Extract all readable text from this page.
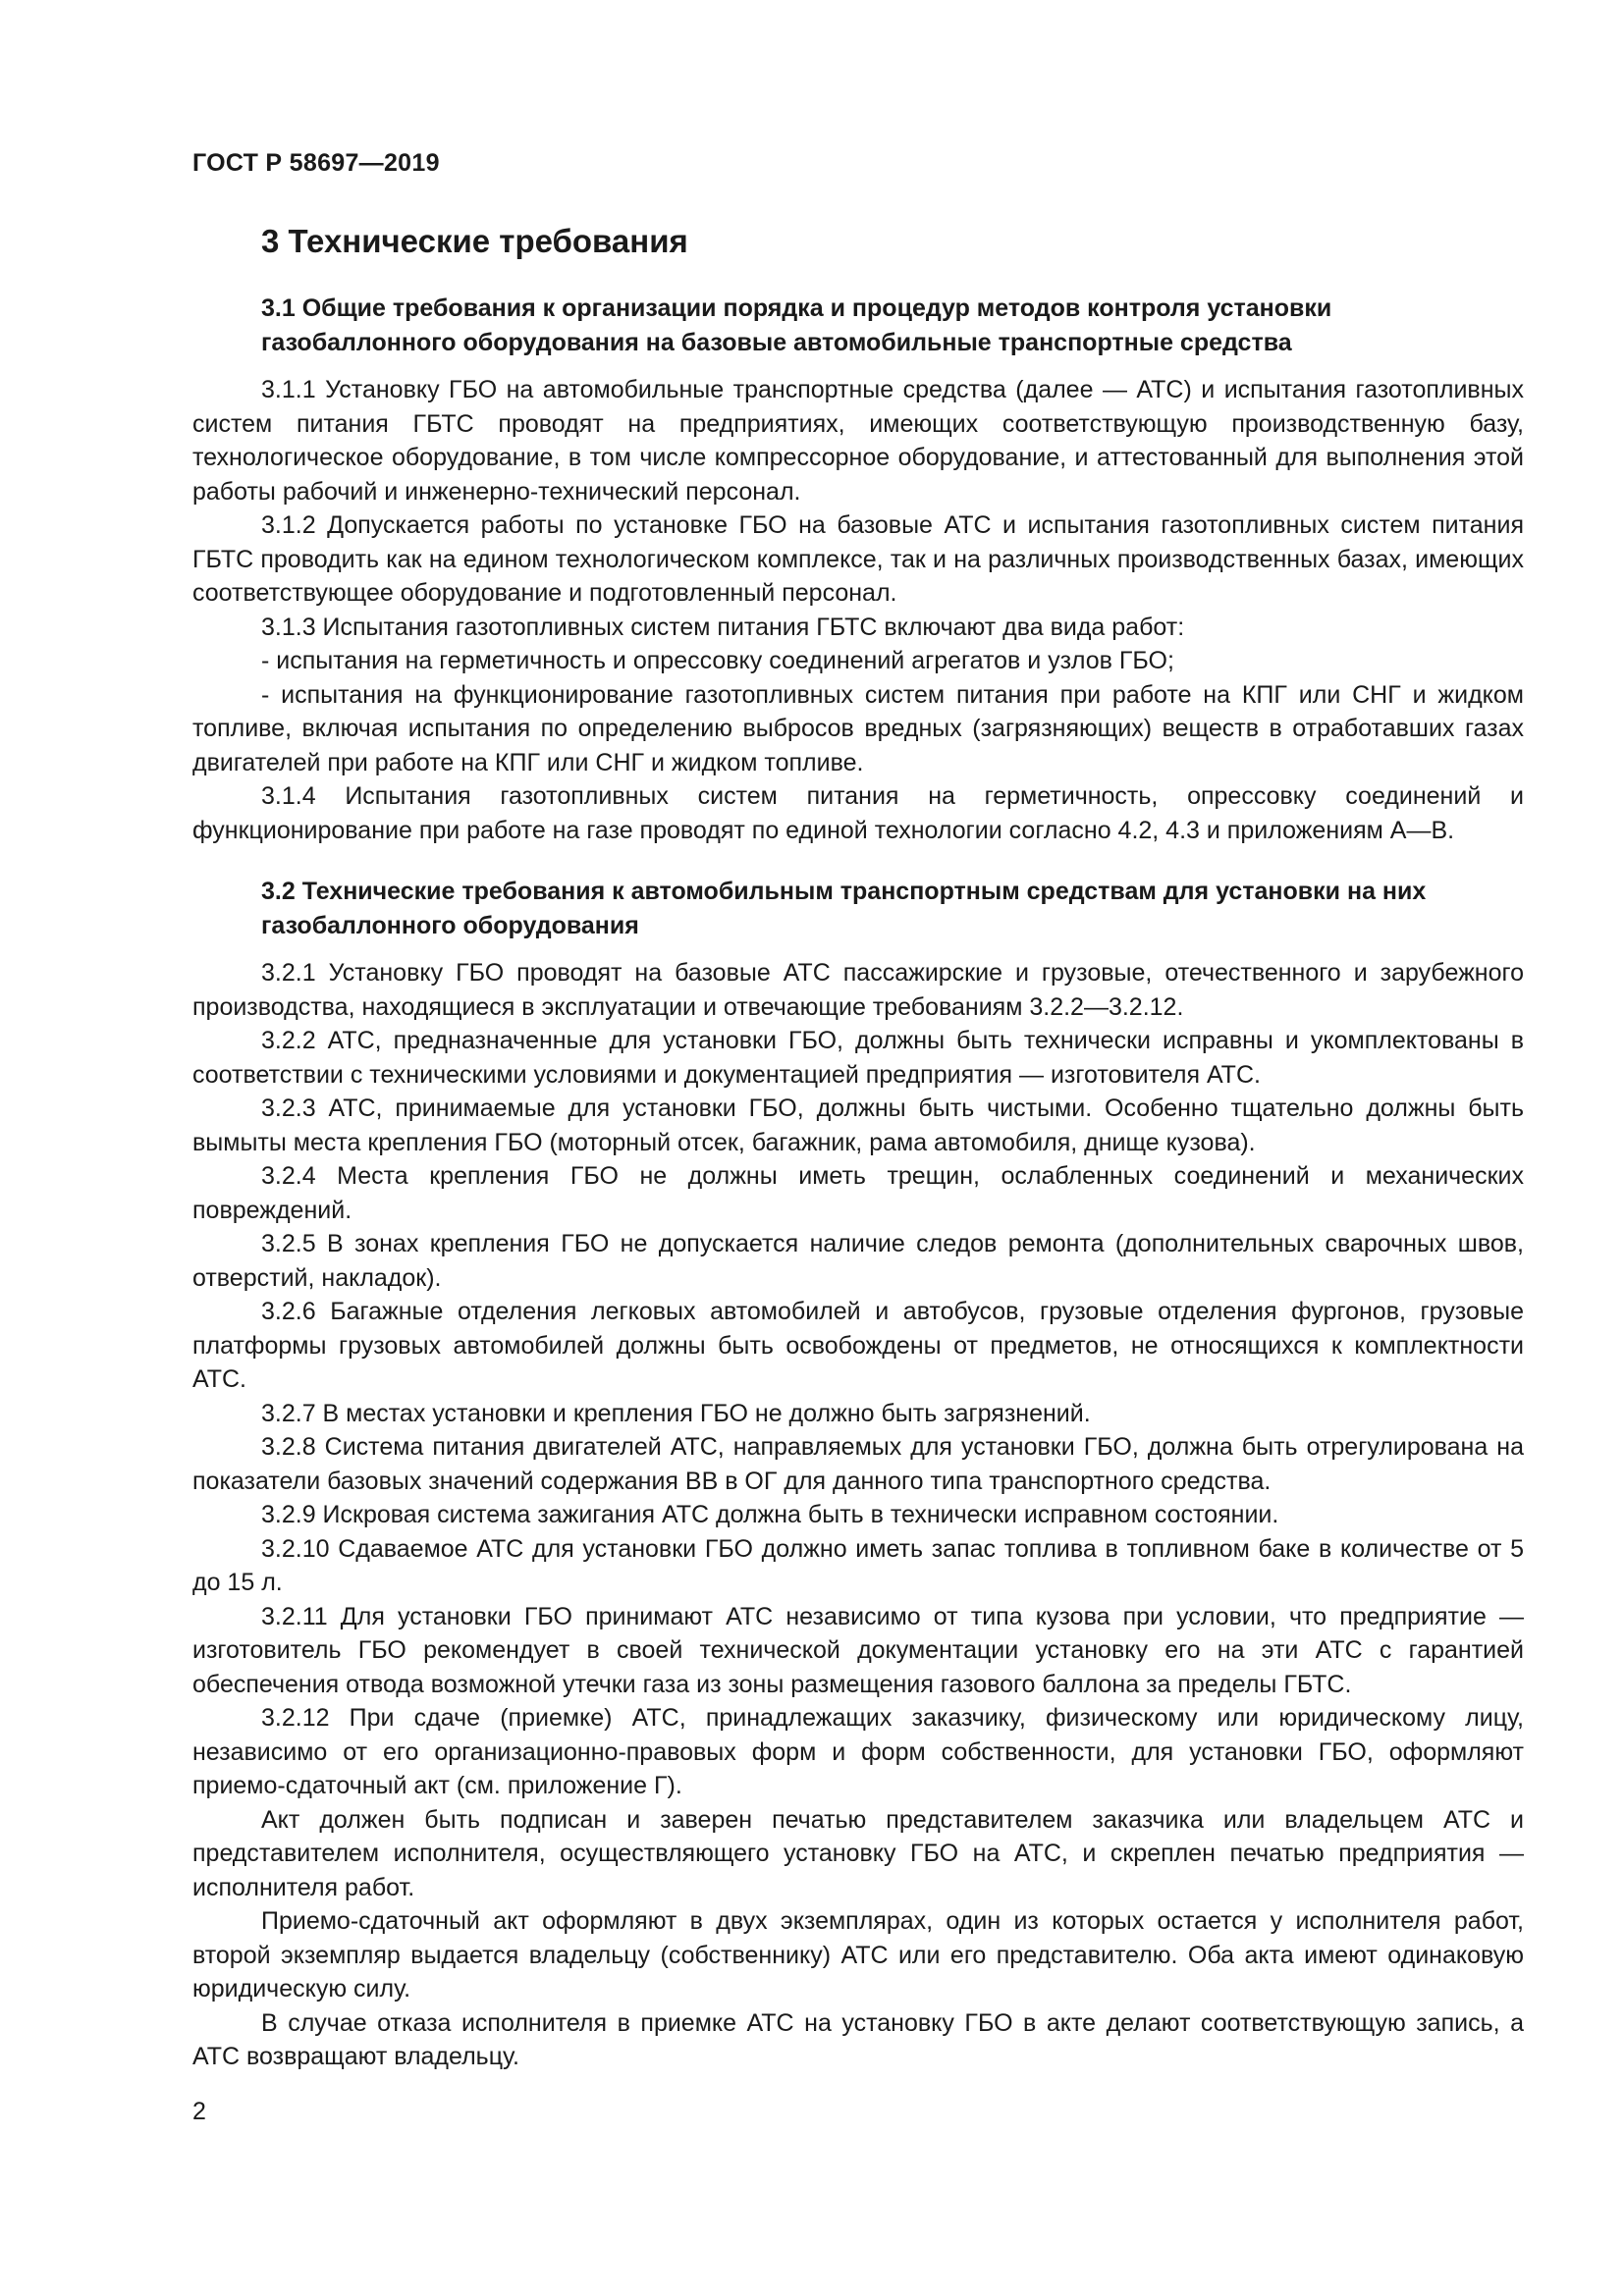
ГОСТ Р 58697—2019
3 Технические требования
3.1 Общие требования к организации порядка и процедур методов контроля установки газобаллонного оборудования на базовые автомобильные транспортные средства

3.1.1 Установку ГБО на автомобильные транспортные средства (далее — АТС) и испытания газотопливных систем питания ГБТС проводят на предприятиях, имеющих соответствующую производственную базу, технологическое оборудование, в том числе компрессорное оборудование, и аттестованный для выполнения этой работы рабочий и инженерно-технический персонал.

3.1.2 Допускается работы по установке ГБО на базовые АТС и испытания газотопливных систем питания ГБТС проводить как на едином технологическом комплексе, так и на различных производственных базах, имеющих соответствующее оборудование и подготовленный персонал.

3.1.3 Испытания газотопливных систем питания ГБТС включают два вида работ:

- испытания на герметичность и опрессовку соединений агрегатов и узлов ГБО;

- испытания на функционирование газотопливных систем питания при работе на КПГ или СНГ и жидком топливе, включая испытания по определению выбросов вредных (загрязняющих) веществ в отработавших газах двигателей при работе на КПГ или СНГ и жидком топливе.

3.1.4 Испытания газотопливных систем питания на герметичность, опрессовку соединений и функционирование при работе на газе проводят по единой технологии согласно 4.2, 4.3 и приложениям А—В.

3.2 Технические требования к автомобильным транспортным средствам для установки на них газобаллонного оборудования

3.2.1 Установку ГБО проводят на базовые АТС пассажирские и грузовые, отечественного и зарубежного производства, находящиеся в эксплуатации и отвечающие требованиям 3.2.2—3.2.12.

3.2.2 АТС, предназначенные для установки ГБО, должны быть технически исправны и укомплектованы в соответствии с техническими условиями и документацией предприятия — изготовителя АТС.

3.2.3 АТС, принимаемые для установки ГБО, должны быть чистыми. Особенно тщательно должны быть вымыты места крепления ГБО (моторный отсек, багажник, рама автомобиля, днище кузова).

3.2.4 Места крепления ГБО не должны иметь трещин, ослабленных соединений и механических повреждений.

3.2.5 В зонах крепления ГБО не допускается наличие следов ремонта (дополнительных сварочных швов, отверстий, накладок).

3.2.6 Багажные отделения легковых автомобилей и автобусов, грузовые отделения фургонов, грузовые платформы грузовых автомобилей должны быть освобождены от предметов, не относящихся к комплектности АТС.

3.2.7 В местах установки и крепления ГБО не должно быть загрязнений.

3.2.8 Система питания двигателей АТС, направляемых для установки ГБО, должна быть отрегулирована на показатели базовых значений содержания ВВ в ОГ для данного типа транспортного средства.

3.2.9 Искровая система зажигания АТС должна быть в технически исправном состоянии.

3.2.10 Сдаваемое АТС для установки ГБО должно иметь запас топлива в топливном баке в количестве от 5 до 15 л.

3.2.11 Для установки ГБО принимают АТС независимо от типа кузова при условии, что предприятие — изготовитель ГБО рекомендует в своей технической документации установку его на эти АТС с гарантией обеспечения отвода возможной утечки газа из зоны размещения газового баллона за пределы ГБТС.

3.2.12 При сдаче (приемке) АТС, принадлежащих заказчику, физическому или юридическому лицу, независимо от его организационно-правовых форм и форм собственности, для установки ГБО, оформляют приемо-сдаточный акт (см. приложение Г).

Акт должен быть подписан и заверен печатью представителем заказчика или владельцем АТС и представителем исполнителя, осуществляющего установку ГБО на АТС, и скреплен печатью предприятия — исполнителя работ.

Приемо-сдаточный акт оформляют в двух экземплярах, один из которых остается у исполнителя работ, второй экземпляр выдается владельцу (собственнику) АТС или его представителю. Оба акта имеют одинаковую юридическую силу.

В случае отказа исполнителя в приемке АТС на установку ГБО в акте делают соответствующую запись, а АТС возвращают владельцу.

2
